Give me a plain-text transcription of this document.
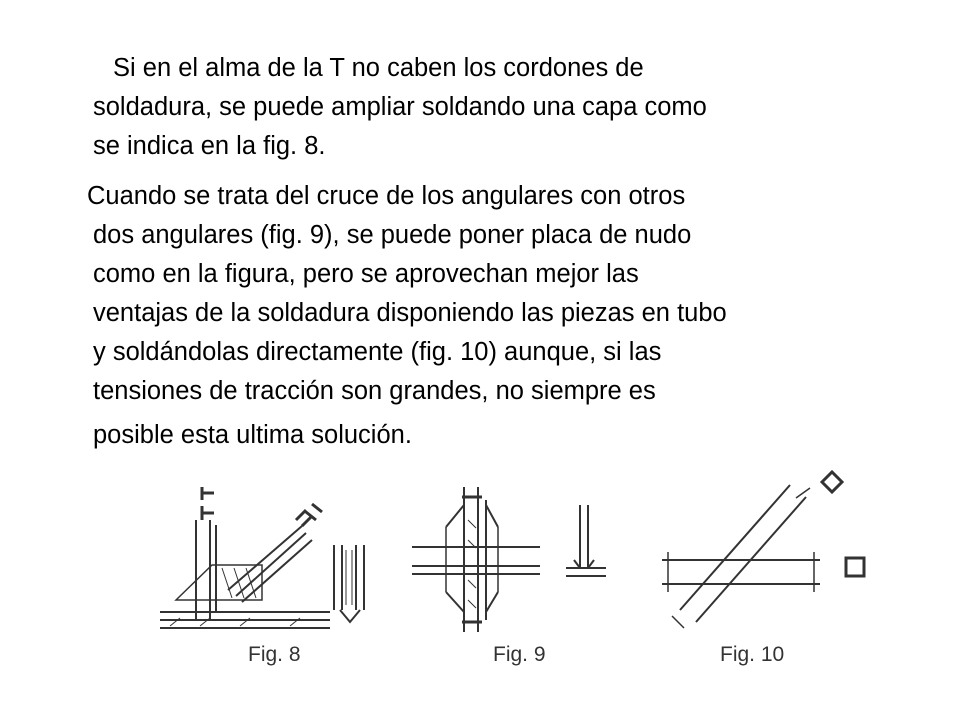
Si en el alma de la T no caben los cordones de
soldadura, se puede ampliar soldando una capa como
se indica en la fig. 8.
Cuando se trata del cruce de los angulares con otros
dos angulares (fig. 9), se puede poner placa de nudo
como en la figura, pero se aprovechan mejor las
ventajas de la soldadura disponiendo las piezas en tubo
y soldándolas directamente (fig. 10) aunque, si las
tensiones de tracción son grandes, no siempre es
posible esta ultima solución.
Fig. 8	Fig. 9	Fig. 10
